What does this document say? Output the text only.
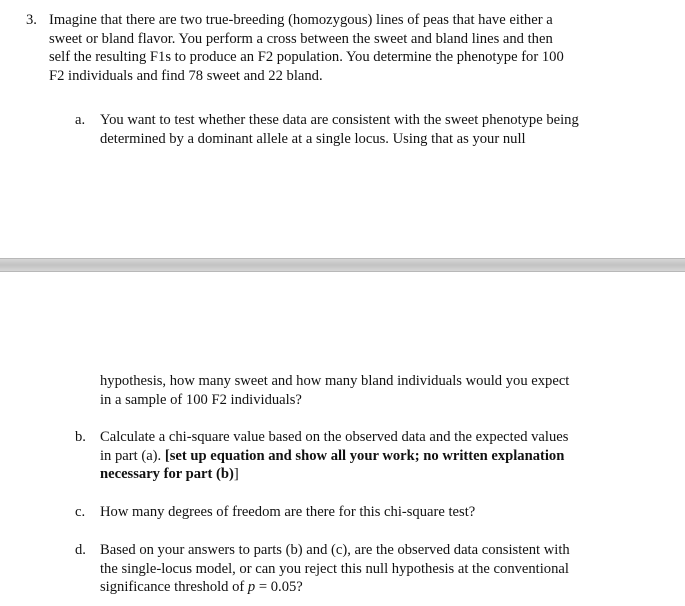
3. Imagine that there are two true-breeding (homozygous) lines of peas that have either a
sweet or bland flavor. You perform a cross between the sweet and bland lines and then
self the resulting F1s to produce an F2 population. You determine the phenotype for 100
F2 individuals and find 78 sweet and 22 bland.
a. You want to test whether these data are consistent with the sweet phenotype being
determined by a dominant allele at a single locus. Using that as your null
hypothesis, how many sweet and how many bland individuals would you expect
in a sample of 100 F2 individuals?
b. Calculate a chi-square value based on the observed data and the expected values
in part (a). [set up equation and show all your work; no written explanation
necessary for part (b)]
c. How many degrees of freedom are there for this chi-square test?
d. Based on your answers to parts (b) and (c), are the observed data consistent with
the single-locus model, or can you reject this null hypothesis at the conventional
significance threshold of p = 0.05?
